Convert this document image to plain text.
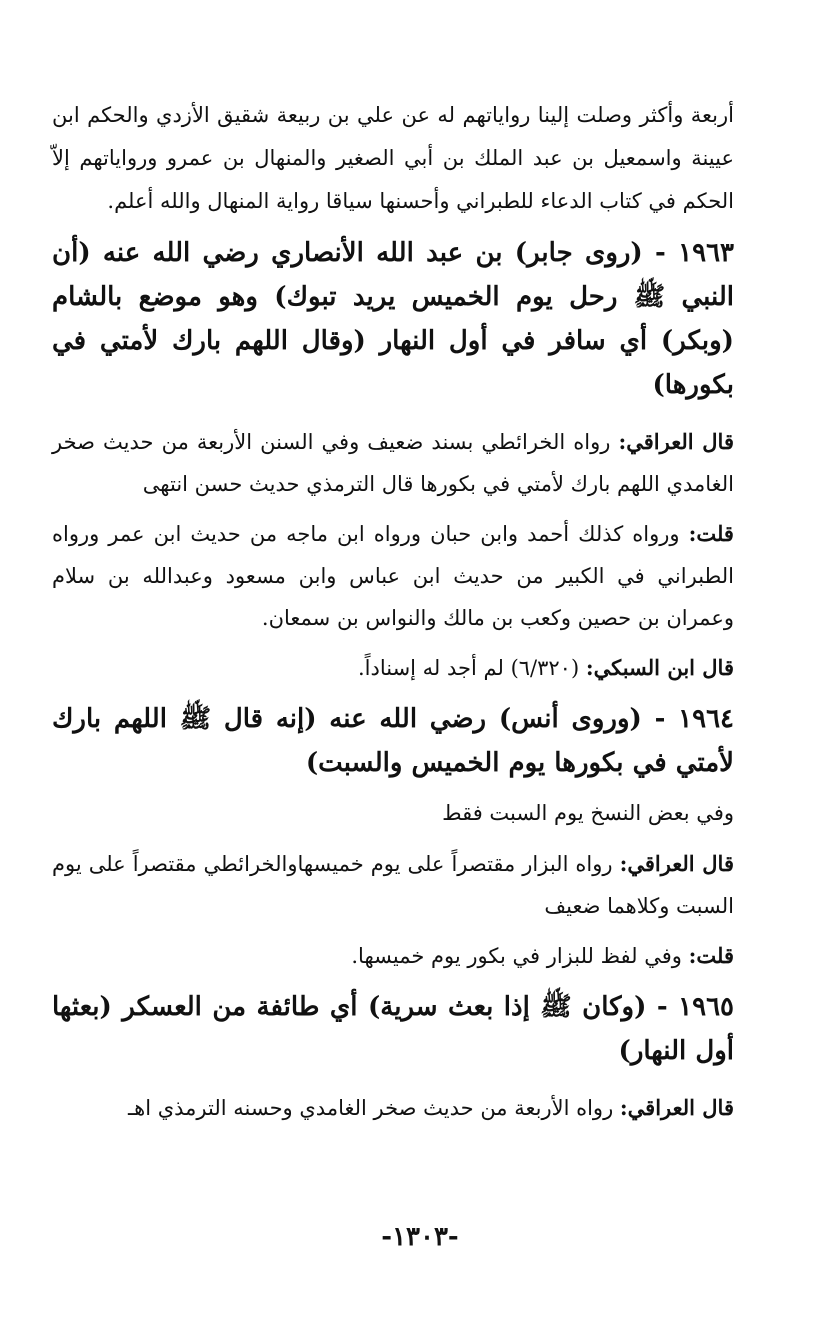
أربعة وأكثر وصلت إلينا رواياتهم له عن علي بن ربيعة شقيق الأزدي والحكم ابن عيينة واسمعيل بن عبد الملك بن أبي الصغير والمنهال بن عمرو ورواياتهم إلاّ الحكم في كتاب الدعاء للطبراني وأحسنها سياقا رواية المنهال والله أعلم.

١٩٦٣ - (روى جابر) بن عبد الله الأنصاري رضي الله عنه (أن النبي ﷺ رحل يوم الخميس يريد تبوك) وهو موضع بالشام (وبكر) أي سافر في أول النهار (وقال اللهم بارك لأمتي في بكورها)

قال العراقي: رواه الخرائطي بسند ضعيف وفي السنن الأربعة من حديث صخر الغامدي اللهم بارك لأمتي في بكورها قال الترمذي حديث حسن انتهى

قلت: ورواه كذلك أحمد وابن حبان ورواه ابن ماجه من حديث ابن عمر ورواه الطبراني في الكبير من حديث ابن عباس وابن مسعود وعبدالله بن سلام وعمران بن حصين وكعب بن مالك والنواس بن سمعان.

قال ابن السبكي: (٦/٣٢٠) لم أجد له إسناداً.

١٩٦٤ - (وروى أنس) رضي الله عنه (إنه قال ﷺ اللهم بارك لأمتي في بكورها يوم الخميس والسبت)

وفي بعض النسخ يوم السبت فقط

قال العراقي: رواه البزار مقتصراً على يوم خميسهاوالخرائطي مقتصراً على يوم السبت وكلاهما ضعيف

قلت: وفي لفظ للبزار في بكور يوم خميسها.

١٩٦٥ - (وكان ﷺ إذا بعث سرية) أي طائفة من العسكر (بعثها أول النهار)

قال العراقي: رواه الأربعة من حديث صخر الغامدي وحسنه الترمذي اهـ

-١٣٠٣-
